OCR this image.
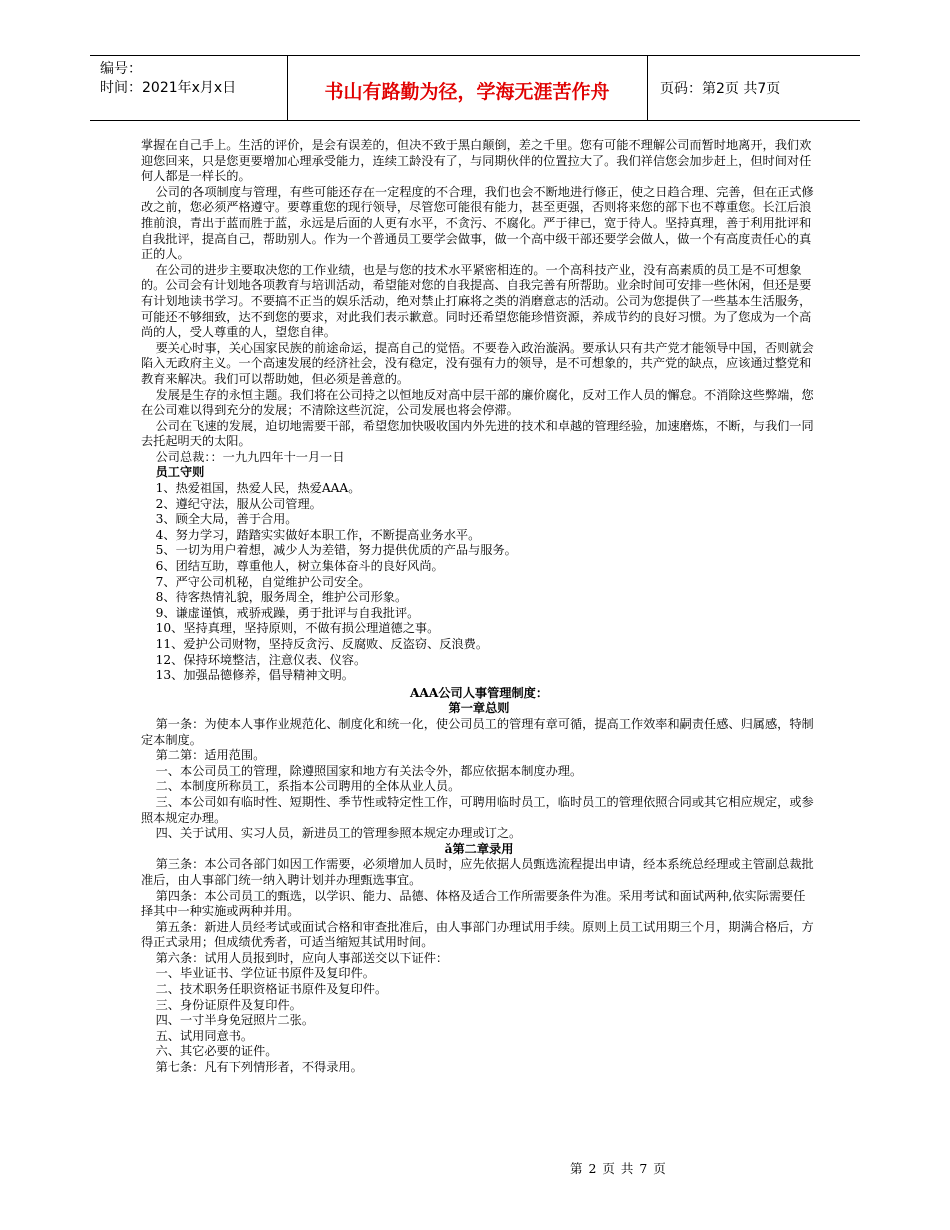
编号：
时间：2021年x月x日	书山有路勤为径，学海无涯苦作舟	页码：第2页 共7页

掌握在自己手上。生活的评价，是会有误差的，但决不致于黑白颠倒，差之千里。您有可能不理解公司而暂时地离开，我们欢迎您回来，只是您更要增加心理承受能力，连续工龄没有了，与同期伙伴的位置拉大了。我们祥信您会加步赶上，但时间对任何人都是一样长的。

公司的各项制度与管理，有些可能还存在一定程度的不合理，我们也会不断地进行修正，使之日趋合理、完善，但在正式修改之前，您必须严格遵守。要尊重您的现行领导，尽管您可能很有能力，甚至更强，否则将来您的部下也不尊重您。长江后浪推前浪，青出于蓝而胜于蓝，永远是后面的人更有水平，不贪污、不腐化。严于律已，宽于待人。坚持真理，善于利用批评和自我批评，提高自己，帮助别人。作为一个普通员工要学会做事，做一个高中级干部还要学会做人，做一个有高度责任心的真正的人。

在公司的进步主要取决您的工作业绩，也是与您的技术水平紧密相连的。一个高科技产业，没有高素质的员工是不可想象的。公司会有计划地各项教育与培训活动，希望能对您的自我提高、自我完善有所帮助。业余时间可安排一些休闲，但还是要有计划地读书学习。不要搞不正当的娱乐活动，绝对禁止打麻将之类的消磨意志的活动。公司为您提供了一些基本生活服务，可能还不够细致，达不到您的要求，对此我们表示歉意。同时还希望您能珍惜资源，养成节约的良好习惯。为了您成为一个高尚的人，受人尊重的人，望您自律。

要关心时事，关心国家民族的前途命运，提高自己的觉悟。不要卷入政治漩涡。要承认只有共产党才能领导中国，否则就会陷入无政府主义。一个高速发展的经济社会，没有稳定，没有强有力的领导，是不可想象的，共产党的缺点，应该通过整党和教育来解决。我们可以帮助她，但必须是善意的。

发展是生存的永恒主题。我们将在公司持之以恒地反对高中层干部的廉价腐化，反对工作人员的懈怠。不消除这些弊端，您在公司难以得到充分的发展；不清除这些沉淀，公司发展也将会停滞。

公司在飞速的发展，迫切地需要干部，希望您加快吸收国内外先进的技术和卓越的管理经验，加速磨炼，不断，与我们一同去托起明天的太阳。

公司总裁：：一九九四年十一月一日

员工守则

1、热爱祖国，热爱人民，热爱AAA。

2、遵纪守法，服从公司管理。

3、顾全大局，善于合用。

4、努力学习，踏踏实实做好本职工作，不断提高业务水平。

5、一切为用户着想，减少人为差错，努力提供优质的产品与服务。

6、团结互助，尊重他人，树立集体奋斗的良好风尚。

7、严守公司机秘，自觉维护公司安全。

8、待客热情礼貌，服务周全，维护公司形象。

9、谦虚谨慎，戒骄戒躁，勇于批评与自我批评。

10、坚持真理，坚持原则，不做有损公理道德之事。

11、爱护公司财物，坚持反贪污、反腐败、反盗窃、反浪费。

12、保持环境整洁，注意仪表、仪容。

13、加强品德修养，倡导精神文明。

AAA公司人事管理制度：

第一章总则

第一条：为使本人事作业规范化、制度化和统一化，使公司员工的管理有章可循，提高工作效率和嗣责任感、归属感，特制定本制度。

第二第：适用范围。

一、本公司员工的管理，除遵照国家和地方有关法令外，都应依据本制度办理。

二、本制度所称员工，系指本公司聘用的全体从业人员。

三、本公司如有临时性、短期性、季节性或特定性工作，可聘用临时员工，临时员工的管理依照合同或其它相应规定，或参照本规定办理。

四、关于试用、实习人员，新进员工的管理参照本规定办理或订之。

ǎ第二章录用

第三条：本公司各部门如因工作需要，必须增加人员时，应先依据人员甄选流程提出申请，经本系统总经理或主管副总裁批准后，由人事部门统一纳入聘计划并办理甄选事宜。

第四条：本公司员工的甄选，以学识、能力、品德、体格及适合工作所需要条件为准。采用考试和面试两种,依实际需要任择其中一种实施或两种并用。

第五条：新进人员经考试或面试合格和审查批准后，由人事部门办理试用手续。原则上员工试用期三个月，期满合格后，方得正式录用；但成绩优秀者，可适当缩短其试用时间。

第六条：试用人员报到时，应向人事部送交以下证件：

一、毕业证书、学位证书原件及复印件。

二、技术职务任职资格证书原件及复印件。

三、身份证原件及复印件。

四、一寸半身免冠照片二张。

五、试用同意书。

六、其它必要的证件。

第七条：凡有下列情形者，不得录用。

第 2 页 共 7 页
